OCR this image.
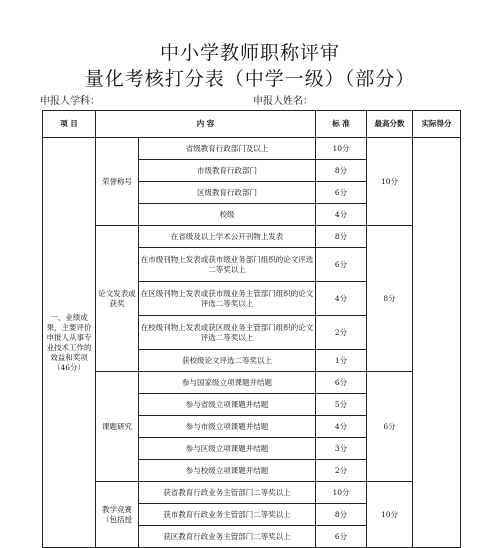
中小学教师职称评审
量化考核打分表（中学一级）（部分）
申报人学科：	申报人姓名：
项 目	内 容		标 准	最高分数	实际得分
一、业绩成果，主要评价申报人从事专业技术工作的效益和奖项（46分）	荣誉称号	省级教育行政部门及以上	10分	10分	
		市级教育行政部门	8分		
		区级教育行政部门	6分		
		校级	4分		
	论文发表或获奖	在省级及以上学术公开刊物上发表	8分	8分	
		在市级刊物上发表或获市级业务部门组织的论文评选二等奖以上	6分		
		在区级刊物上发表或获市级业务主管部门组织的论文评选二等奖以上	4分		
		在校级刊物上发表或获区级业务主管部门组织的论文评选二等奖以上	2分		
		获校级论文评选二等奖以上	1分		
	课题研究	参与国家级立项课题并结题	6分	6分	
		参与省级立项课题并结题	5分		
		参与市级立项课题并结题	4分		
		参与区级立项课题并结题	3分		
		参与校级立项课题并结题	2分		
	教学竞赛（包括授	获省教育行政业务主管部门二等奖以上	10分	10分	
		获市教育行政业务主管部门二等奖以上	8分		
		获区教育行政业务主管部门二等奖以上	6分		
